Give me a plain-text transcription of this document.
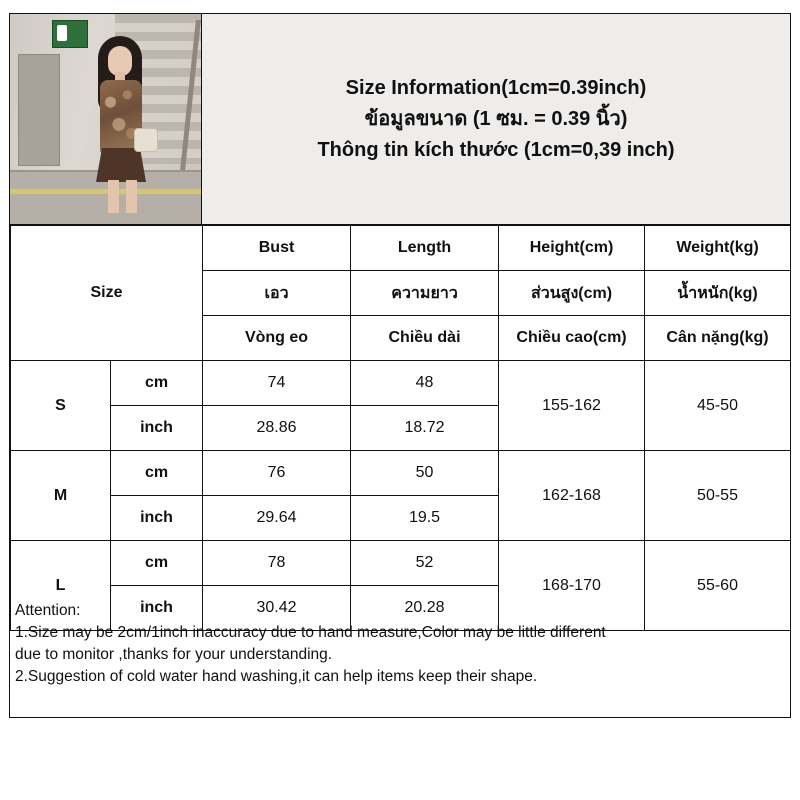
Size Information(1cm=0.39inch)
ข้อมูลขนาด (1 ซม. = 0.39 นิ้ว)
Thông tin kích thước (1cm=0,39 inch)
Size		Bust	Length	Height(cm)	Weight(kg)
		เอว	ความยาว	ส่วนสูง(cm)	น้ำหนัก(kg)
		Vòng eo	Chiều dài	Chiều cao(cm)	Cân nặng(kg)
S	cm	74	48	155-162	45-50
	inch	28.86	18.72		
M	cm	76	50	162-168	50-55
	inch	29.64	19.5		
L	cm	78	52	168-170	55-60
	inch	30.42	20.28		

Attention:

1.Size may be 2cm/1inch inaccuracy due to hand measure,Color may be little different

due to monitor ,thanks for your understanding.

2.Suggestion of cold water hand washing,it can help items keep their shape.
